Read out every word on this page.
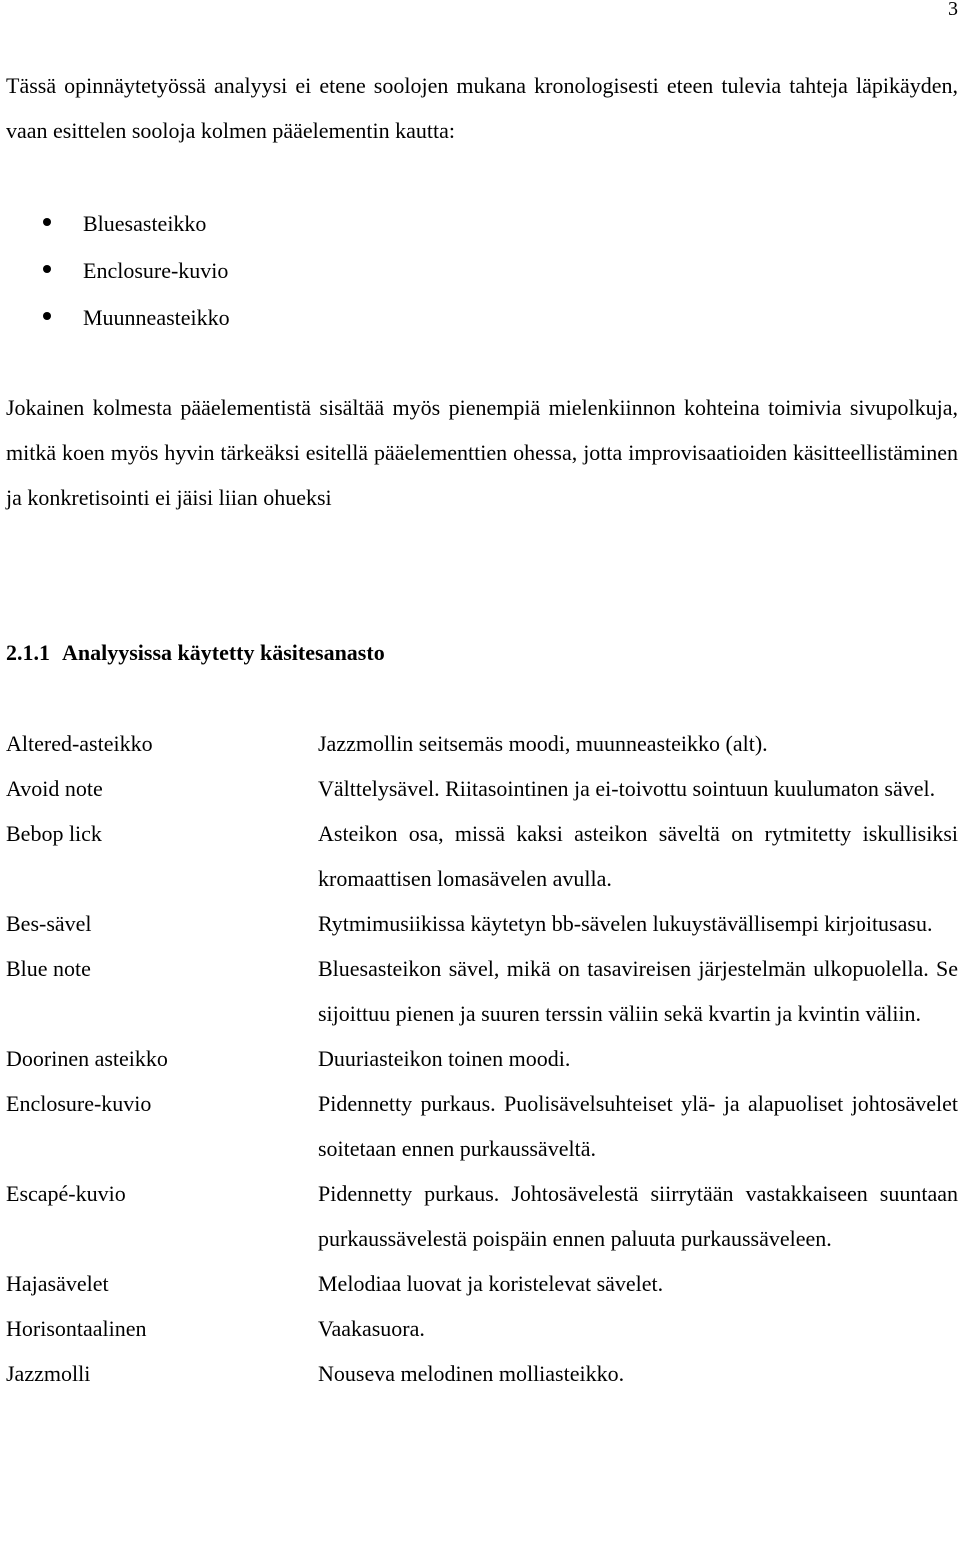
3

Tässä opinnäytetyössä analyysi ei etene soolojen mukana kronologisesti eteen tulevia tahteja läpikäyden, vaan esittelen sooloja kolmen pääelementin kautta:

Bluesasteikko
Enclosure-kuvio
Muunneasteikko

Jokainen kolmesta pääelementistä sisältää myös pienempiä mielenkiinnon kohteina toimivia sivupolkuja, mitkä koen myös hyvin tärkeäksi esitellä pääelementtien ohessa, jotta improvisaatioiden käsitteellistäminen ja konkretisointi ei jäisi liian ohueksi

2.1.1 Analyysissa käytetty käsitesanasto
Altered-asteikko	Jazzmollin seitsemäs moodi, muunneasteikko (alt).
Avoid note	Välttelysävel. Riitasointinen ja ei-toivottu sointuun kuulumaton sävel.
Bebop lick	Asteikon osa, missä kaksi asteikon säveltä on rytmitetty iskullisiksi kromaattisen lomasävelen avulla.
Bes-sävel	Rytmimusiikissa käytetyn bb-sävelen lukuystävällisempi kirjoitusasu.
Blue note	Bluesasteikon sävel, mikä on tasavireisen järjestelmän ulkopuolella. Se sijoittuu pienen ja suuren terssin väliin sekä kvartin ja kvintin väliin.
Doorinen asteikko	Duuriasteikon toinen moodi.
Enclosure-kuvio	Pidennetty purkaus. Puolisävelsuhteiset ylä- ja alapuoliset johtosävelet soitetaan ennen purkaussäveltä.
Escapé-kuvio	Pidennetty purkaus. Johtosävelestä siirrytään vastakkaiseen suuntaan purkaussävelestä poispäin ennen paluuta purkaussäveleen.
Hajasävelet	Melodiaa luovat ja koristelevat sävelet.
Horisontaalinen	Vaakasuora.
Jazzmolli	Nouseva melodinen molliasteikko.
